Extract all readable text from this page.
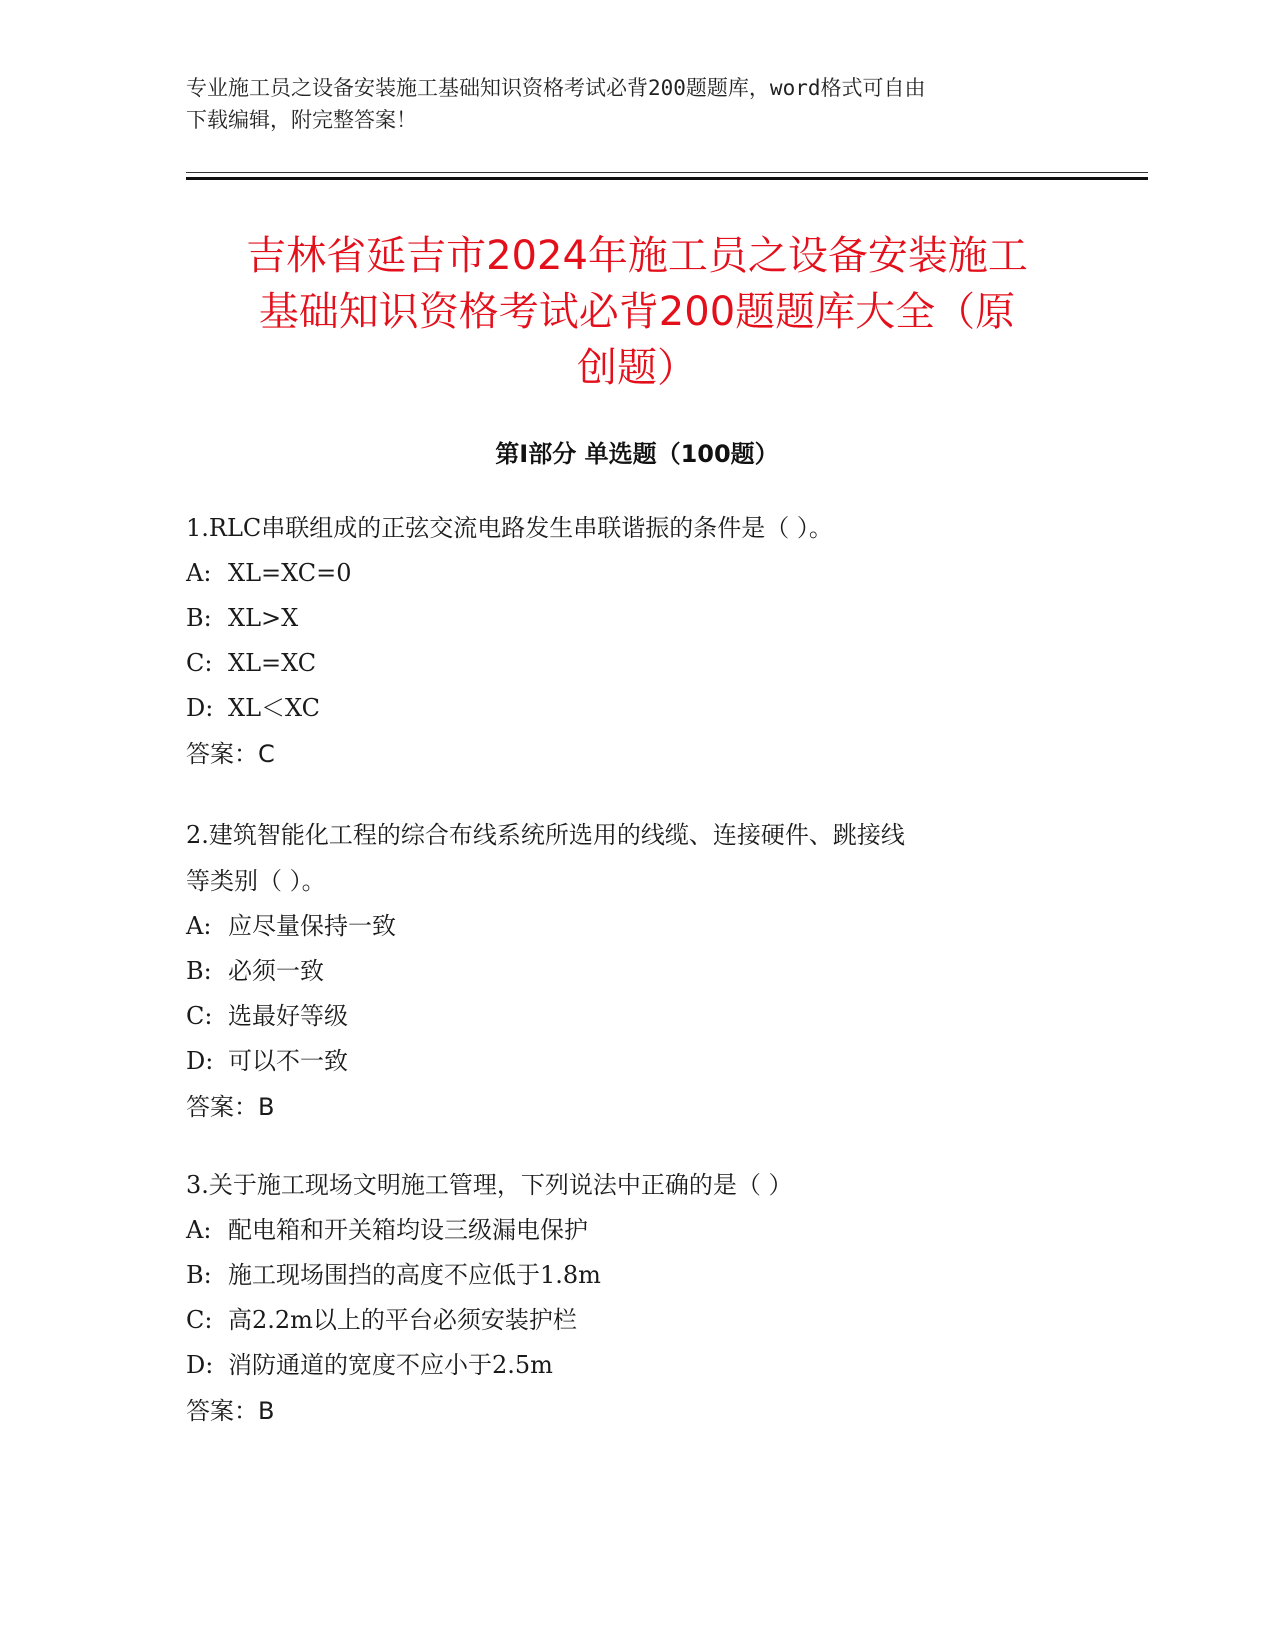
专业施工员之设备安装施工基础知识资格考试必背200题题库，word格式可自由
下载编辑，附完整答案！
吉林省延吉市2024年施工员之设备安装施工
基础知识资格考试必背200题题库大全（原
创题）
第Ⅰ部分 单选题（100题）

1.RLC串联组成的正弦交流电路发生串联谐振的条件是（ ）。

A: XL=XC=0

B: XL>X

C: XL=XC

D: XL＜XC

答案：C

2.建筑智能化工程的综合布线系统所选用的线缆、连接硬件、跳接线

等类别（ ）。

A: 应尽量保持一致

B: 必须一致

C: 选最好等级

D: 可以不一致

答案：B

3.关于施工现场文明施工管理，下列说法中正确的是（ ）

A: 配电箱和开关箱均设三级漏电保护

B: 施工现场围挡的高度不应低于1.8m

C: 高2.2m以上的平台必须安装护栏

D: 消防通道的宽度不应小于2.5m

答案：B
